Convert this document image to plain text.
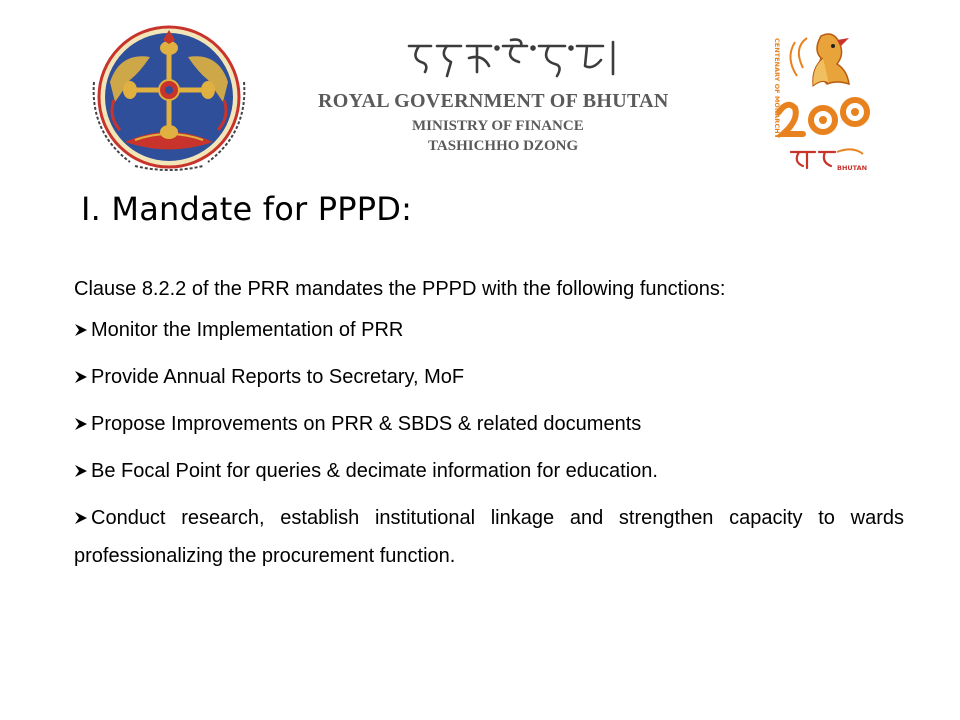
ROYAL GOVERNMENT OF BHUTAN
MINISTRY OF FINANCE
TASHICHHO DZONG
CENTENARY OF MONARCHY
BHUTAN
I. Mandate for PPPD:

Clause 8.2.2 of the PRR mandates the PPPD with the following functions:

Monitor the Implementation of PRR
Provide Annual Reports to Secretary, MoF
Propose Improvements on PRR & SBDS & related documents
Be Focal Point for queries & decimate information for education.
Conduct research, establish institutional linkage and strengthen capacity to wards professionalizing the procurement function.
